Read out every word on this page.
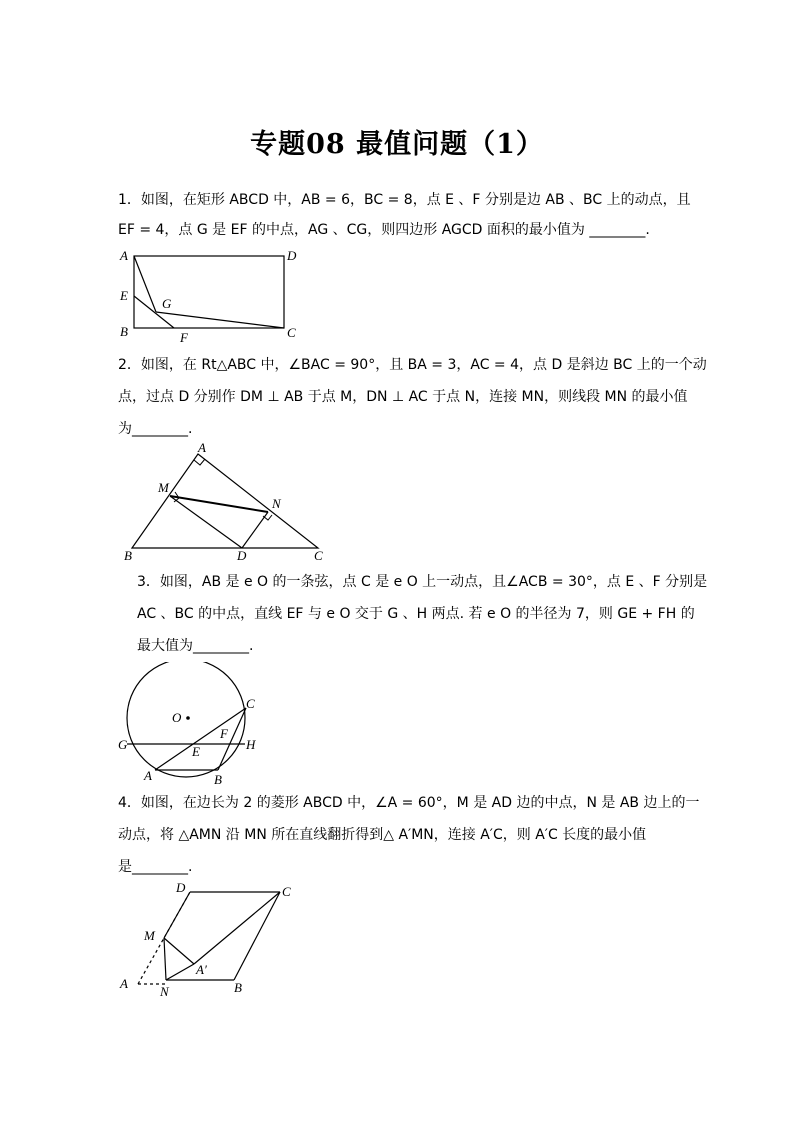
专题08 最值问题（1）
1．如图，在矩形 ABCD 中，AB = 6，BC = 8，点 E 、F 分别是边 AB 、BC 上的动点，且
EF = 4，点 G 是 EF 的中点，AG 、CG，则四边形 AGCD 面积的最小值为 ________.
A
E
B
G
F
D
C
2．如图，在 Rt△ABC 中，∠BAC = 90°，且 BA = 3，AC = 4，点 D 是斜边 BC 上的一个动
点，过点 D 分别作 DM ⊥ AB 于点 M，DN ⊥ AC 于点 N，连接 MN，则线段 MN 的最小值
为________.
A
M
N
B	D	C
3．如图，AB 是 e O 的一条弦，点 C 是 e O 上一动点，且∠ACB = 30°，点 E 、F 分别是
AC 、BC 的中点，直线 EF 与 e O 交于 G 、H 两点. 若 e O 的半径为 7，则 GE + FH 的
最大值为________.
O
G	H
C
F
E
A	B
4．如图，在边长为 2 的菱形 ABCD 中，∠A = 60°，M 是 AD 边的中点，N 是 AB 边上的一
动点，将 △AMN 沿 MN 所在直线翻折得到△ A′MN，连接 A′C，则 A′C 长度的最小值
是________.
D	C
M
A′
A
N	B
